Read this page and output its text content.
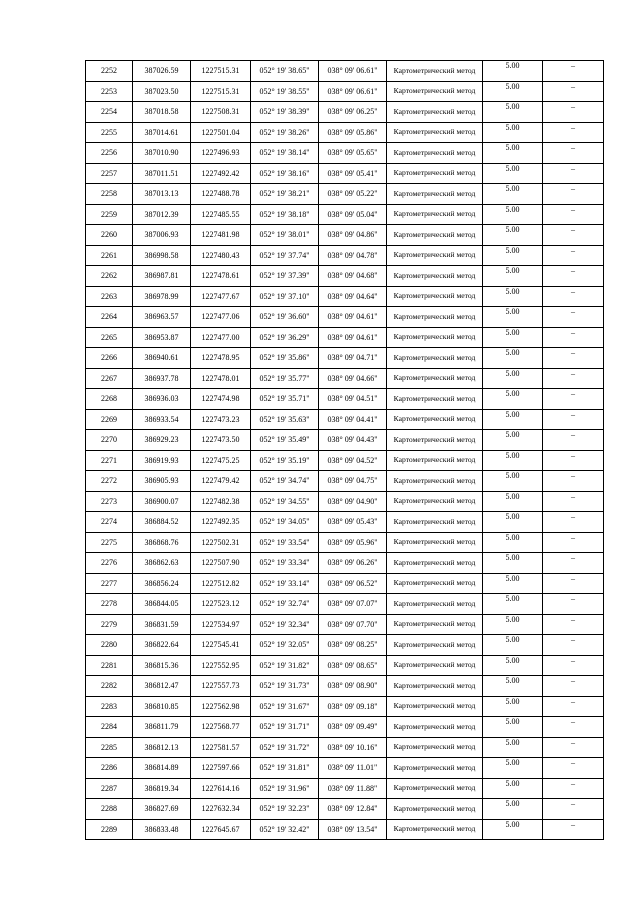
2252	387026.59	1227515.31	052° 19' 38.65"	038° 09' 06.61"	Картометрический метод	5.00	–
2253	387023.50	1227515.31	052° 19' 38.55"	038° 09' 06.61"	Картометрический метод	5.00	–
2254	387018.58	1227508.31	052° 19' 38.39"	038° 09' 06.25"	Картометрический метод	5.00	–
2255	387014.61	1227501.04	052° 19' 38.26"	038° 09' 05.86"	Картометрический метод	5.00	–
2256	387010.90	1227496.93	052° 19' 38.14"	038° 09' 05.65"	Картометрический метод	5.00	–
2257	387011.51	1227492.42	052° 19' 38.16"	038° 09' 05.41"	Картометрический метод	5.00	–
2258	387013.13	1227488.78	052° 19' 38.21"	038° 09' 05.22"	Картометрический метод	5.00	–
2259	387012.39	1227485.55	052° 19' 38.18"	038° 09' 05.04"	Картометрический метод	5.00	–
2260	387006.93	1227481.98	052° 19' 38.01"	038° 09' 04.86"	Картометрический метод	5.00	–
2261	386998.58	1227480.43	052° 19' 37.74"	038° 09' 04.78"	Картометрический метод	5.00	–
2262	386987.81	1227478.61	052° 19' 37.39"	038° 09' 04.68"	Картометрический метод	5.00	–
2263	386978.99	1227477.67	052° 19' 37.10"	038° 09' 04.64"	Картометрический метод	5.00	–
2264	386963.57	1227477.06	052° 19' 36.60"	038° 09' 04.61"	Картометрический метод	5.00	–
2265	386953.87	1227477.00	052° 19' 36.29"	038° 09' 04.61"	Картометрический метод	5.00	–
2266	386940.61	1227478.95	052° 19' 35.86"	038° 09' 04.71"	Картометрический метод	5.00	–
2267	386937.78	1227478.01	052° 19' 35.77"	038° 09' 04.66"	Картометрический метод	5.00	–
2268	386936.03	1227474.98	052° 19' 35.71"	038° 09' 04.51"	Картометрический метод	5.00	–
2269	386933.54	1227473.23	052° 19' 35.63"	038° 09' 04.41"	Картометрический метод	5.00	–
2270	386929.23	1227473.50	052° 19' 35.49"	038° 09' 04.43"	Картометрический метод	5.00	–
2271	386919.93	1227475.25	052° 19' 35.19"	038° 09' 04.52"	Картометрический метод	5.00	–
2272	386905.93	1227479.42	052° 19' 34.74"	038° 09' 04.75"	Картометрический метод	5.00	–
2273	386900.07	1227482.38	052° 19' 34.55"	038° 09' 04.90"	Картометрический метод	5.00	–
2274	386884.52	1227492.35	052° 19' 34.05"	038° 09' 05.43"	Картометрический метод	5.00	–
2275	386868.76	1227502.31	052° 19' 33.54"	038° 09' 05.96"	Картометрический метод	5.00	–
2276	386862.63	1227507.90	052° 19' 33.34"	038° 09' 06.26"	Картометрический метод	5.00	–
2277	386856.24	1227512.82	052° 19' 33.14"	038° 09' 06.52"	Картометрический метод	5.00	–
2278	386844.05	1227523.12	052° 19' 32.74"	038° 09' 07.07"	Картометрический метод	5.00	–
2279	386831.59	1227534.97	052° 19' 32.34"	038° 09' 07.70"	Картометрический метод	5.00	–
2280	386822.64	1227545.41	052° 19' 32.05"	038° 09' 08.25"	Картометрический метод	5.00	–
2281	386815.36	1227552.95	052° 19' 31.82"	038° 09' 08.65"	Картометрический метод	5.00	–
2282	386812.47	1227557.73	052° 19' 31.73"	038° 09' 08.90"	Картометрический метод	5.00	–
2283	386810.85	1227562.98	052° 19' 31.67"	038° 09' 09.18"	Картометрический метод	5.00	–
2284	386811.79	1227568.77	052° 19' 31.71"	038° 09' 09.49"	Картометрический метод	5.00	–
2285	386812.13	1227581.57	052° 19' 31.72"	038° 09' 10.16"	Картометрический метод	5.00	–
2286	386814.89	1227597.66	052° 19' 31.81"	038° 09' 11.01"	Картометрический метод	5.00	–
2287	386819.34	1227614.16	052° 19' 31.96"	038° 09' 11.88"	Картометрический метод	5.00	–
2288	386827.69	1227632.34	052° 19' 32.23"	038° 09' 12.84"	Картометрический метод	5.00	–
2289	386833.48	1227645.67	052° 19' 32.42"	038° 09' 13.54"	Картометрический метод	5.00	–
